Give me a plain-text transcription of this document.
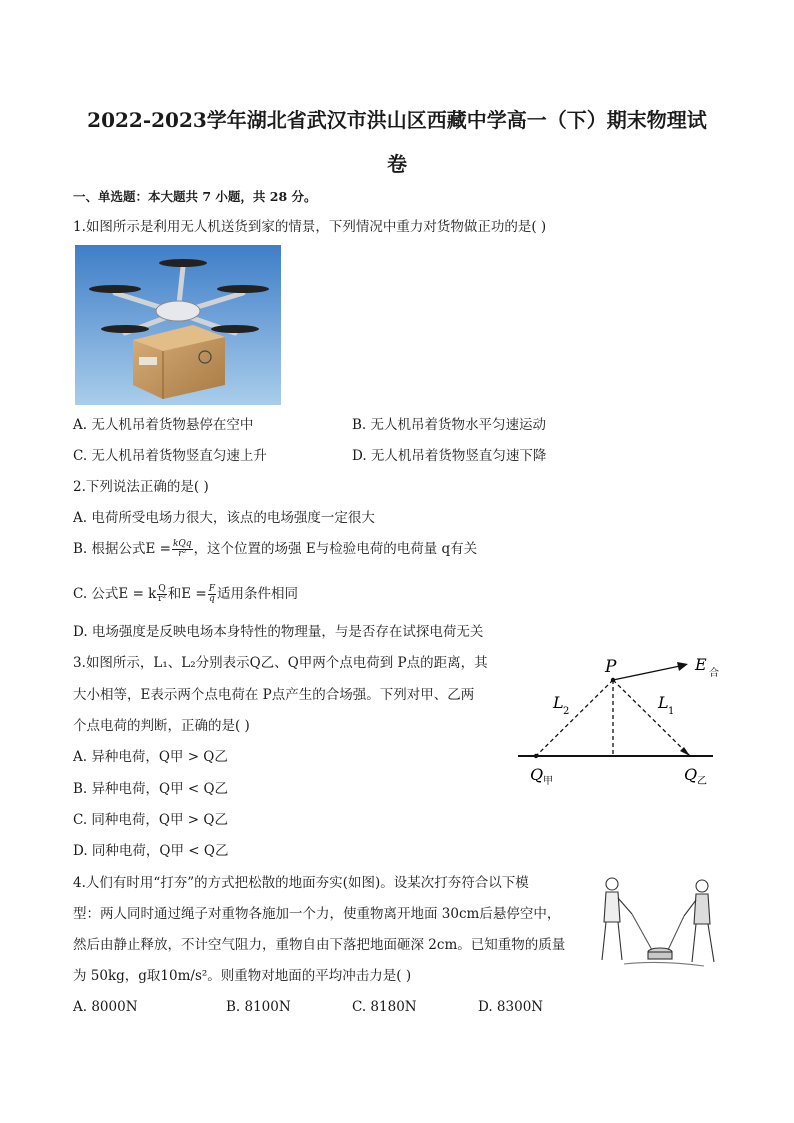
2022-2023学年湖北省武汉市洪山区西藏中学高一（下）期末物理试
卷
一、单选题：本大题共 7 小题，共 28 分。
1.如图所示是利用无人机送货到家的情景，下列情况中重力对货物做正功的是( )
A. 无人机吊着货物悬停在空中	B. 无人机吊着货物水平匀速运动
C. 无人机吊着货物竖直匀速上升	D. 无人机吊着货物竖直匀速下降
2.下列说法正确的是( )
A. 电荷所受电场力很大，该点的电场强度一定很大
B. 根据公式$E = \frac{\text{kQq}}{\text{r²}}$ ，这个位置的场强 E与检验电荷的电荷量 q有关
C. 公式E = k $\frac{Q}{\text{r²}}$ 和$E = \frac{F}{q}$ 适用条件相同
D. 电场强度是反映电场本身特性的物理量，与是否存在试探电荷无关
3.如图所示，L₁、L₂分别表示Q乙、Q甲两个点电荷到 P点的距离，其
大小相等，E表示两个点电荷在 P点产生的合场强。下列对甲、乙两
个点电荷的判断，正确的是( )
A. 异种电荷，Q甲 > Q乙
B. 异种电荷，Q甲 < Q乙
C. 同种电荷，Q甲 > Q乙
D. 同种电荷，Q甲 < Q乙
P	E 合
L 2	L 1
Q 甲	Q 乙
4.人们有时用“打夯”的方式把松散的地面夯实(如图)。设某次打夯符合以下模
型：两人同时通过绳子对重物各施加一个力，使重物离开地面 30cm后悬停空中，
然后由静止释放，不计空气阻力，重物自由下落把地面砸深 2cm。已知重物的质量
为 50kg，g取10m/s²。则重物对地面的平均冲击力是( )
A. 8000N	B. 8100N	C. 8180N	D. 8300N
